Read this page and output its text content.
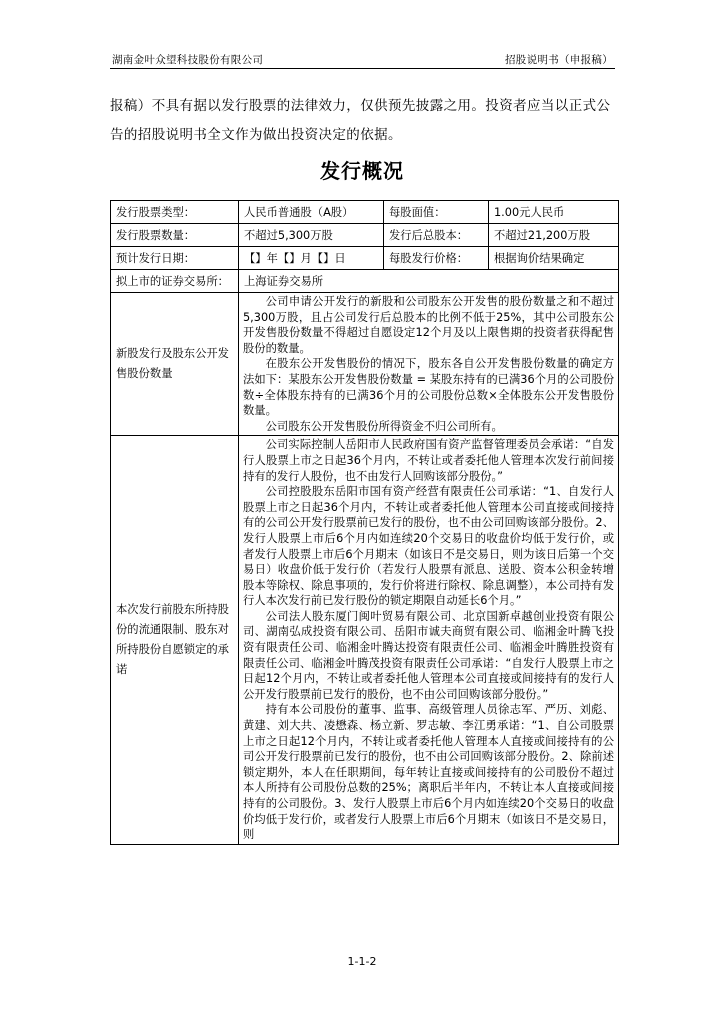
湖南金叶众望科技股份有限公司	招股说明书（申报稿）

报稿）不具有据以发行股票的法律效力，仅供预先披露之用。投资者应当以正式公告的招股说明书全文作为做出投资决定的依据。

发行概况
发行股票类型：	人民币普通股（A股）	每股面值：	1.00元人民币
发行股票数量：	不超过5,300万股	发行后总股本：	不超过21,200万股
预计发行日期：	【】年【】月【】日	每股发行价格：	根据询价结果确定
拟上市的证券交易所：	上海证券交易所		
新股发行及股东公开发售股份数量	公司申请公开发行的新股和公司股东公开发售的股份数量之和不超过5,300万股，且占公司发行后总股本的比例不低于25%，其中公司股东公开发售股份数量不得超过自愿设定12个月及以上限售期的投资者获得配售股份的数量。

在股东公开发售股份的情况下，股东各自公开发售股份数量的确定方法如下：某股东公开发售股份数量 = 某股东持有的已满36个月的公司股份数÷全体股东持有的已满36个月的公司股份总数×全体股东公开发售股份数量。

公司股东公开发售股份所得资金不归公司所有。		

本次发行前股东所持股份的流通限制、股东对所持股份自愿锁定的承诺	公司实际控制人岳阳市人民政府国有资产监督管理委员会承诺：“自发行人股票上市之日起36个月内，不转让或者委托他人管理本次发行前间接持有的发行人股份，也不由发行人回购该部分股份。”

公司控股股东岳阳市国有资产经营有限责任公司承诺：“1、自发行人股票上市之日起36个月内，不转让或者委托他人管理本公司直接或间接持有的公司公开发行股票前已发行的股份，也不由公司回购该部分股份。2、发行人股票上市后6个月内如连续20个交易日的收盘价均低于发行价，或者发行人股票上市后6个月期末（如该日不是交易日，则为该日后第一个交易日）收盘价低于发行价（若发行人股票有派息、送股、资本公积金转增股本等除权、除息事项的，发行价将进行除权、除息调整），本公司持有发行人本次发行前已发行股份的锁定期限自动延长6个月。”

公司法人股东厦门闽叶贸易有限公司、北京国新卓越创业投资有限公司、湖南弘成投资有限公司、岳阳市诚夫商贸有限公司、临湘金叶腾飞投资有限责任公司、临湘金叶腾达投资有限责任公司、临湘金叶腾胜投资有限责任公司、临湘金叶腾茂投资有限责任公司承诺：“自发行人股票上市之日起12个月内，不转让或者委托他人管理本公司直接或间接持有的发行人公开发行股票前已发行的股份，也不由公司回购该部分股份。”

持有本公司股份的董事、监事、高级管理人员徐志军、严历、刘彪、黄建、刘大共、凌懋森、杨立新、罗志敏、李江勇承诺：“1、自公司股票上市之日起12个月内，不转让或者委托他人管理本人直接或间接持有的公司公开发行股票前已发行的股份，也不由公司回购该部分股份。2、除前述锁定期外，本人在任职期间，每年转让直接或间接持有的公司股份不超过本人所持有公司股份总数的25%；离职后半年内，不转让本人直接或间接持有的公司股份。3、发行人股票上市后6个月内如连续20个交易日的收盘价均低于发行价，或者发行人股票上市后6个月期末（如该日不是交易日，则		

1-1-2
